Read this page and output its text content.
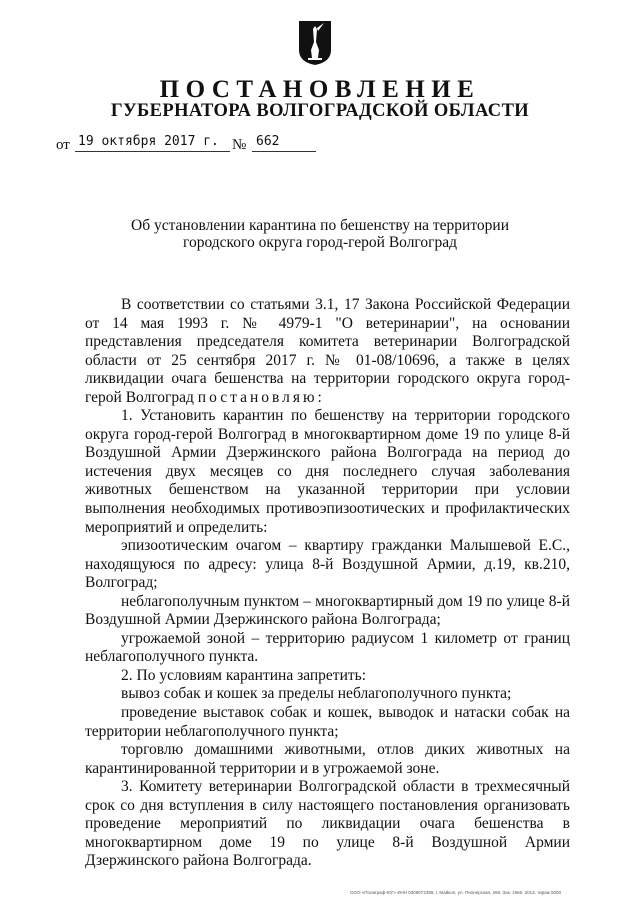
ПОСТАНОВЛЕНИЕ
ГУБЕРНАТОРА ВОЛГОГРАДСКОЙ ОБЛАСТИ
от 19 октября 2017 г. № 662
Об установлении карантина по бешенству на территории
городского округа город-герой Волгоград

В соответствии со статьями 3.1, 17 Закона Российской Федерации от 14 мая 1993 г. № 4979-1 "О ветеринарии", на основании представления председателя комитета ветеринарии Волгоградской области от 25 сентября 2017 г. № 01-08/10696, а также в целях ликвидации очага бешенства на территории городского округа город-герой Волгоград постановляю:

1. Установить карантин по бешенству на территории городского округа город-герой Волгоград в многоквартирном доме 19 по улице 8-й Воздушной Армии Дзержинского района Волгограда на период до истечения двух месяцев со дня последнего случая заболевания животных бешенством на указанной территории при условии выполнения необходимых противоэпизоотических и профилактических мероприятий и определить:

эпизоотическим очагом – квартиру гражданки Малышевой Е.С., находящуюся по адресу: улица 8-й Воздушной Армии, д.19, кв.210, Волгоград;

неблагополучным пунктом – многоквартирный дом 19 по улице 8-й Воздушной Армии Дзержинского района Волгограда;

угрожаемой зоной – территорию радиусом 1 километр от границ неблагополучного пункта.

2. По условиям карантина запретить:

вывоз собак и кошек за пределы неблагополучного пункта;

проведение выставок собак и кошек, выводок и натаски собак на территории неблагополучного пункта;

торговлю домашними животными, отлов диких животных на карантинированной территории и в угрожаемой зоне.

3. Комитету ветеринарии Волгоградской области в трехмесячный срок со дня вступления в силу настоящего постановления организовать проведение мероприятий по ликвидации очага бешенства в многоквартирном доме 19 по улице 8-й Воздушной Армии Дзержинского района Волгограда.

ООО «Полиграф-ЮГ» ИНН 0309072399, г. Майкоп, ул. Пионерская, 268. Зак. 1965. 2013. тираж 5000
